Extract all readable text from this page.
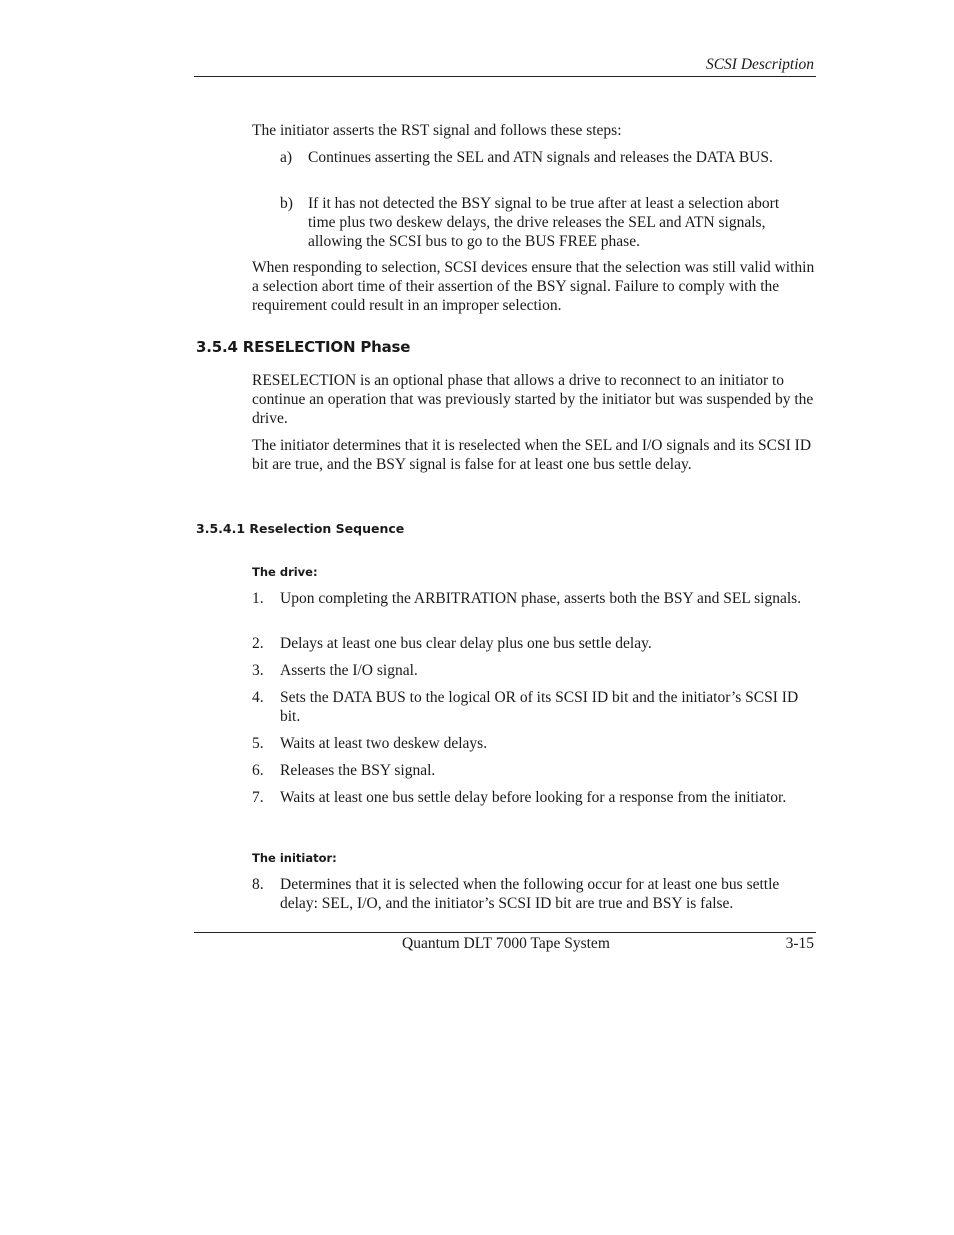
SCSI Description

The initiator asserts the RST signal and follows these steps:

a) Continues asserting the SEL and ATN signals and releases the DATA BUS.

b) If it has not detected the BSY signal to be true after at least a selection abort time plus two deskew delays, the drive releases the SEL and ATN signals, allowing the SCSI bus to go to the BUS FREE phase.

When responding to selection, SCSI devices ensure that the selection was still valid within a selection abort time of their assertion of the BSY signal. Failure to comply with the requirement could result in an improper selection.

3.5.4 RESELECTION Phase

RESELECTION is an optional phase that allows a drive to reconnect to an initiator to continue an operation that was previously started by the initiator but was suspended by the drive.

The initiator determines that it is reselected when the SEL and I/O signals and its SCSI ID bit are true, and the BSY signal is false for at least one bus settle delay.

3.5.4.1 Reselection Sequence
The drive:
1. Upon completing the ARBITRATION phase, asserts both the BSY and SEL signals.

2. Delays at least one bus clear delay plus one bus settle delay.

3. Asserts the I/O signal.

4. Sets the DATA BUS to the logical OR of its SCSI ID bit and the initiator’s SCSI ID bit.

5. Waits at least two deskew delays.

6. Releases the BSY signal.

7. Waits at least one bus settle delay before looking for a response from the initiator.

The initiator:
8. Determines that it is selected when the following occur for at least one bus settle delay: SEL, I/O, and the initiator’s SCSI ID bit are true and BSY is false.

Quantum DLT 7000 Tape System	3-15
